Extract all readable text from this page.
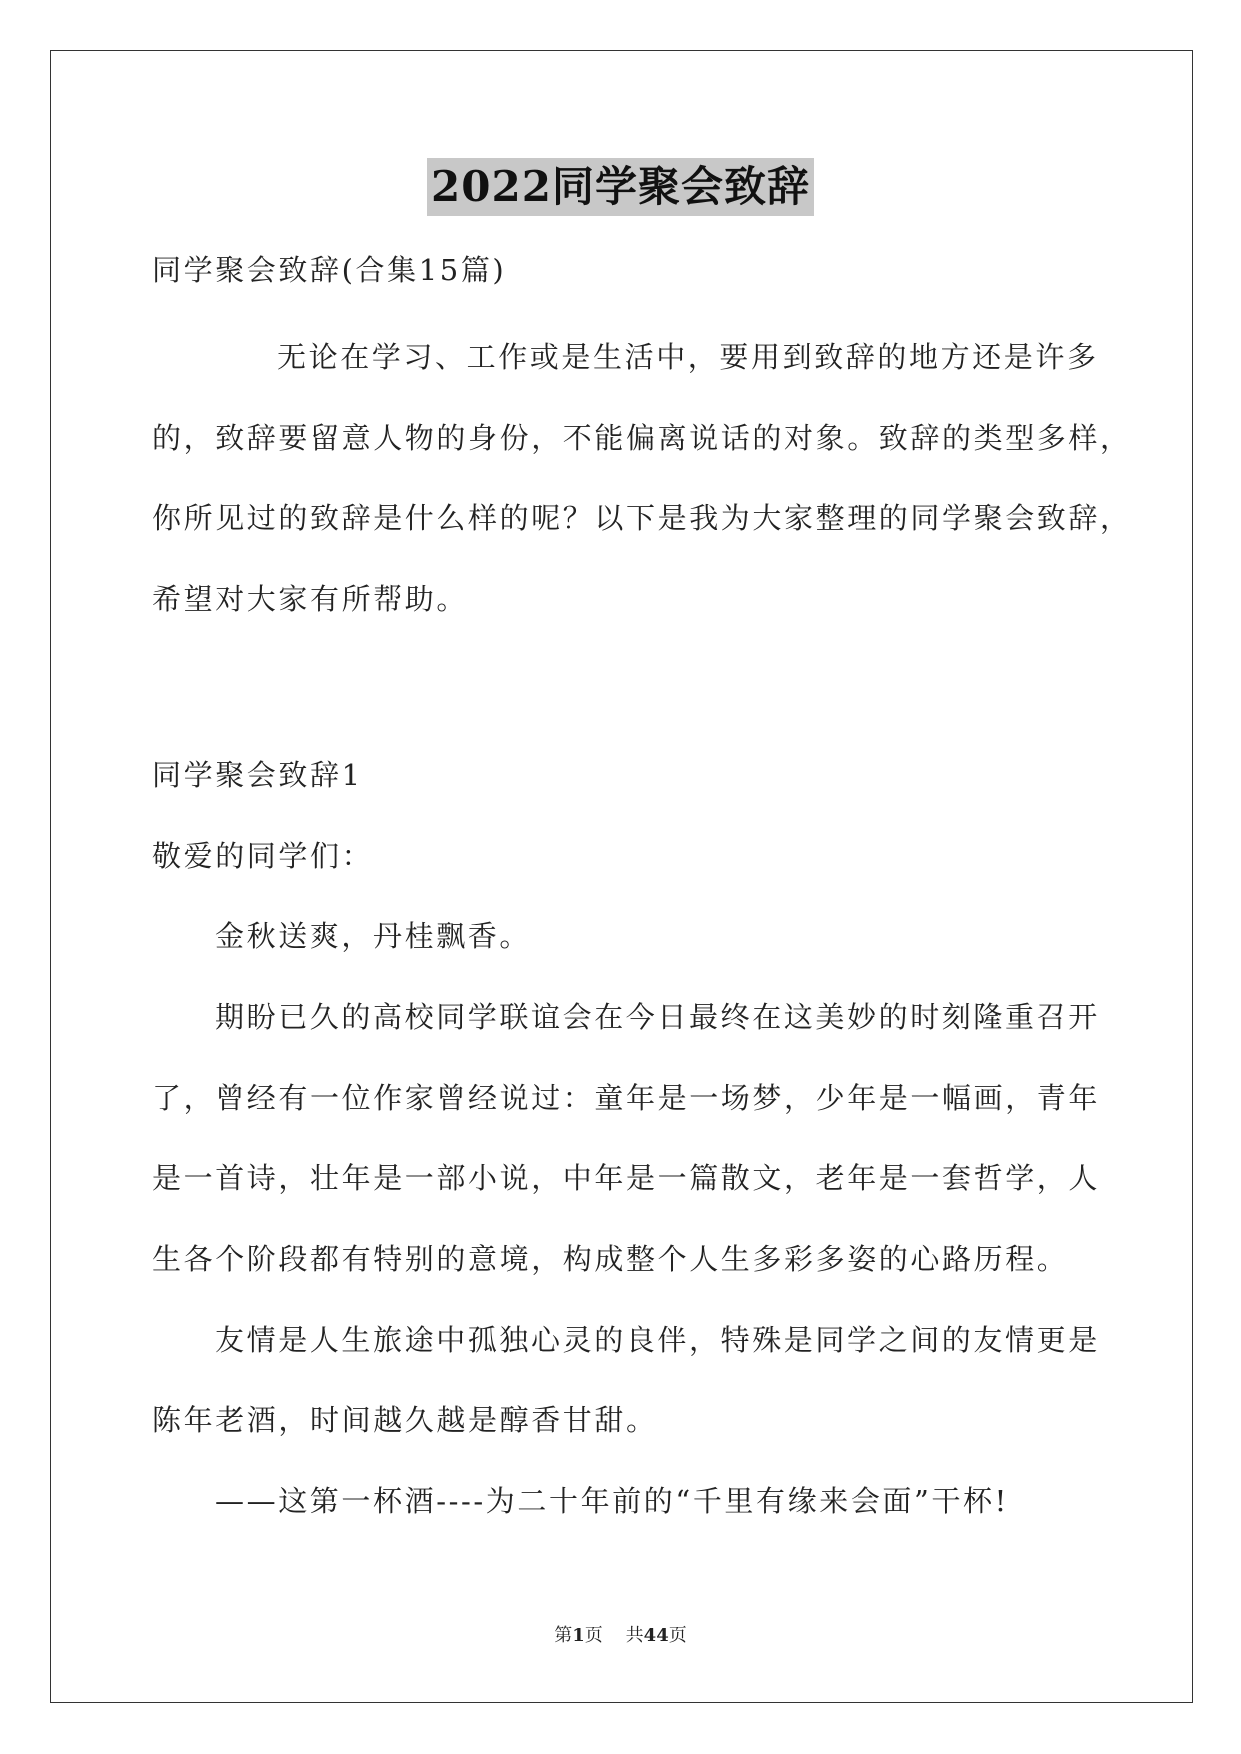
2022同学聚会致辞
同学聚会致辞(合集15篇)
无论在学习、工作或是生活中，要用到致辞的地方还是许多
的，致辞要留意人物的身份，不能偏离说话的对象。致辞的类型多样，
你所见过的致辞是什么样的呢？以下是我为大家整理的同学聚会致辞，
希望对大家有所帮助。
同学聚会致辞1
敬爱的同学们：
金秋送爽，丹桂飘香。
期盼已久的高校同学联谊会在今日最终在这美妙的时刻隆重召开
了，曾经有一位作家曾经说过：童年是一场梦，少年是一幅画，青年
是一首诗，壮年是一部小说，中年是一篇散文，老年是一套哲学，人
生各个阶段都有特别的意境，构成整个人生多彩多姿的心路历程。
友情是人生旅途中孤独心灵的良伴，特殊是同学之间的友情更是
陈年老酒，时间越久越是醇香甘甜。
——这第一杯酒----为二十年前的“千里有缘来会面”干杯!
第1页 共44页
